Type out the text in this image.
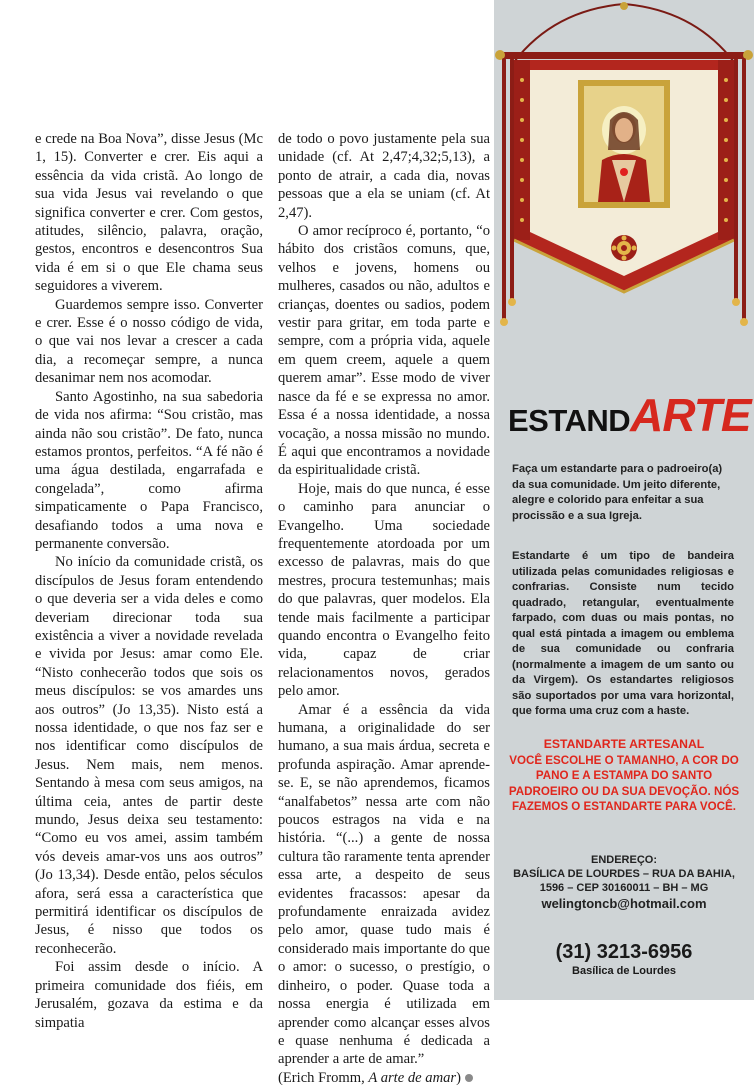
e crede na Boa Nova”, disse Jesus (Mc 1, 15). Converter e crer. Eis aqui a essência da vida cristã. Ao longo de sua vida Jesus vai revelando o que significa converter e crer. Com gestos, atitudes, silêncio, palavra, oração, gestos, encontros e desencontros Sua vida é em si o que Ele chama seus seguidores a viverem.

Guardemos sempre isso. Converter e crer. Esse é o nosso código de vida, o que vai nos levar a crescer a cada dia, a recomeçar sempre, a nunca desanimar nem nos acomodar.

Santo Agostinho, na sua sabedoria de vida nos afirma: “Sou cristão, mas ainda não sou cristão”. De fato, nunca estamos prontos, perfeitos. “A fé não é uma água destilada, engarrafada e congelada”, como afirma simpaticamente o Papa Francisco, desafiando todos a uma nova e permanente conversão.

No início da comunidade cristã, os discípulos de Jesus foram entendendo o que deveria ser a vida deles e como deveriam direcionar toda sua existência a viver a novidade revelada e vivida por Jesus: amar como Ele. “Nisto conhecerão todos que sois os meus discípulos: se vos amardes uns aos outros” (Jo 13,35). Nisto está a nossa identidade, o que nos faz ser e nos identificar como discípulos de Jesus. Nem mais, nem menos. Sentando à mesa com seus amigos, na última ceia, antes de partir deste mundo, Jesus deixa seu testamento: “Como eu vos amei, assim também vós deveis amar-vos uns aos outros” (Jo 13,34). Desde então, pelos séculos afora, será essa a característica que permitirá identificar os discípulos de Jesus, é nisso que todos os reconhecerão.

Foi assim desde o início. A primeira comunidade dos fiéis, em Jerusalém, gozava da estima e da simpatia

de todo o povo justamente pela sua unidade (cf. At 2,47;4,32;5,13), a ponto de atrair, a cada dia, novas pessoas que a ela se uniam (cf. At 2,47).

O amor recíproco é, portanto, “o hábito dos cristãos comuns, que, velhos e jovens, homens ou mulheres, casados ou não, adultos e crianças, doentes ou sadios, podem vestir para gritar, em toda parte e sempre, com a própria vida, aquele em quem creem, aquele a quem querem amar”. Esse modo de viver nasce da fé e se expressa no amor. Essa é a nossa identidade, a nossa vocação, a nossa missão no mundo. É aqui que encontramos a novidade da espiritualidade cristã.

Hoje, mais do que nunca, é esse o caminho para anunciar o Evangelho. Uma sociedade frequentemente atordoada por um excesso de palavras, mais do que mestres, procura testemunhas; mais do que palavras, quer modelos. Ela tende mais facilmente a participar quando encontra o Evangelho feito vida, capaz de criar relacionamentos novos, gerados pelo amor.

Amar é a essência da vida humana, a originalidade do ser humano, a sua mais árdua, secreta e profunda aspiração. Amar aprende-se. E, se não aprendemos, ficamos “analfabetos” nessa arte com não poucos estragos na vida e na história. “(...) a gente de nossa cultura tão raramente tenta aprender essa arte, a despeito de seus evidentes fracassos: apesar da profundamente enraizada avidez pelo amor, quase tudo mais é considerado mais importante do que o amor: o sucesso, o prestígio, o dinheiro, o poder. Quase toda a nossa energia é utilizada em aprender como alcançar esses alvos e quase nenhuma é dedicada a aprender a arte de amar.”

(Erich Fromm, A arte de amar)

ESTANDARTE
Faça um estandarte para o padroeiro(a) da sua comunidade. Um jeito diferente, alegre e colorido para enfeitar a sua procissão e a sua Igreja.
Estandarte é um tipo de bandeira utilizada pelas comunidades religiosas e confrarias. Consiste num tecido quadrado, retangular, eventualmente farpado, com duas ou mais pontas, no qual está pintada a imagem ou emblema de sua comunidade ou confraria (normalmente a imagem de um santo ou da Virgem). Os estandartes religiosos são suportados por uma vara horizontal, que forma uma cruz com a haste.
ESTANDARTE ARTESANAL
VOCÊ ESCOLHE O TAMANHO, A COR DO PANO E A ESTAMPA DO SANTO PADROEIRO OU DA SUA DEVOÇÃO. NÓS FAZEMOS O ESTANDARTE PARA VOCÊ.
ENDEREÇO:
BASÍLICA DE LOURDES – RUA DA BAHIA,
1596 – CEP 30160011 – BH – MG
welingtoncb@hotmail.com
(31) 3213-6956
Basílica de Lourdes
